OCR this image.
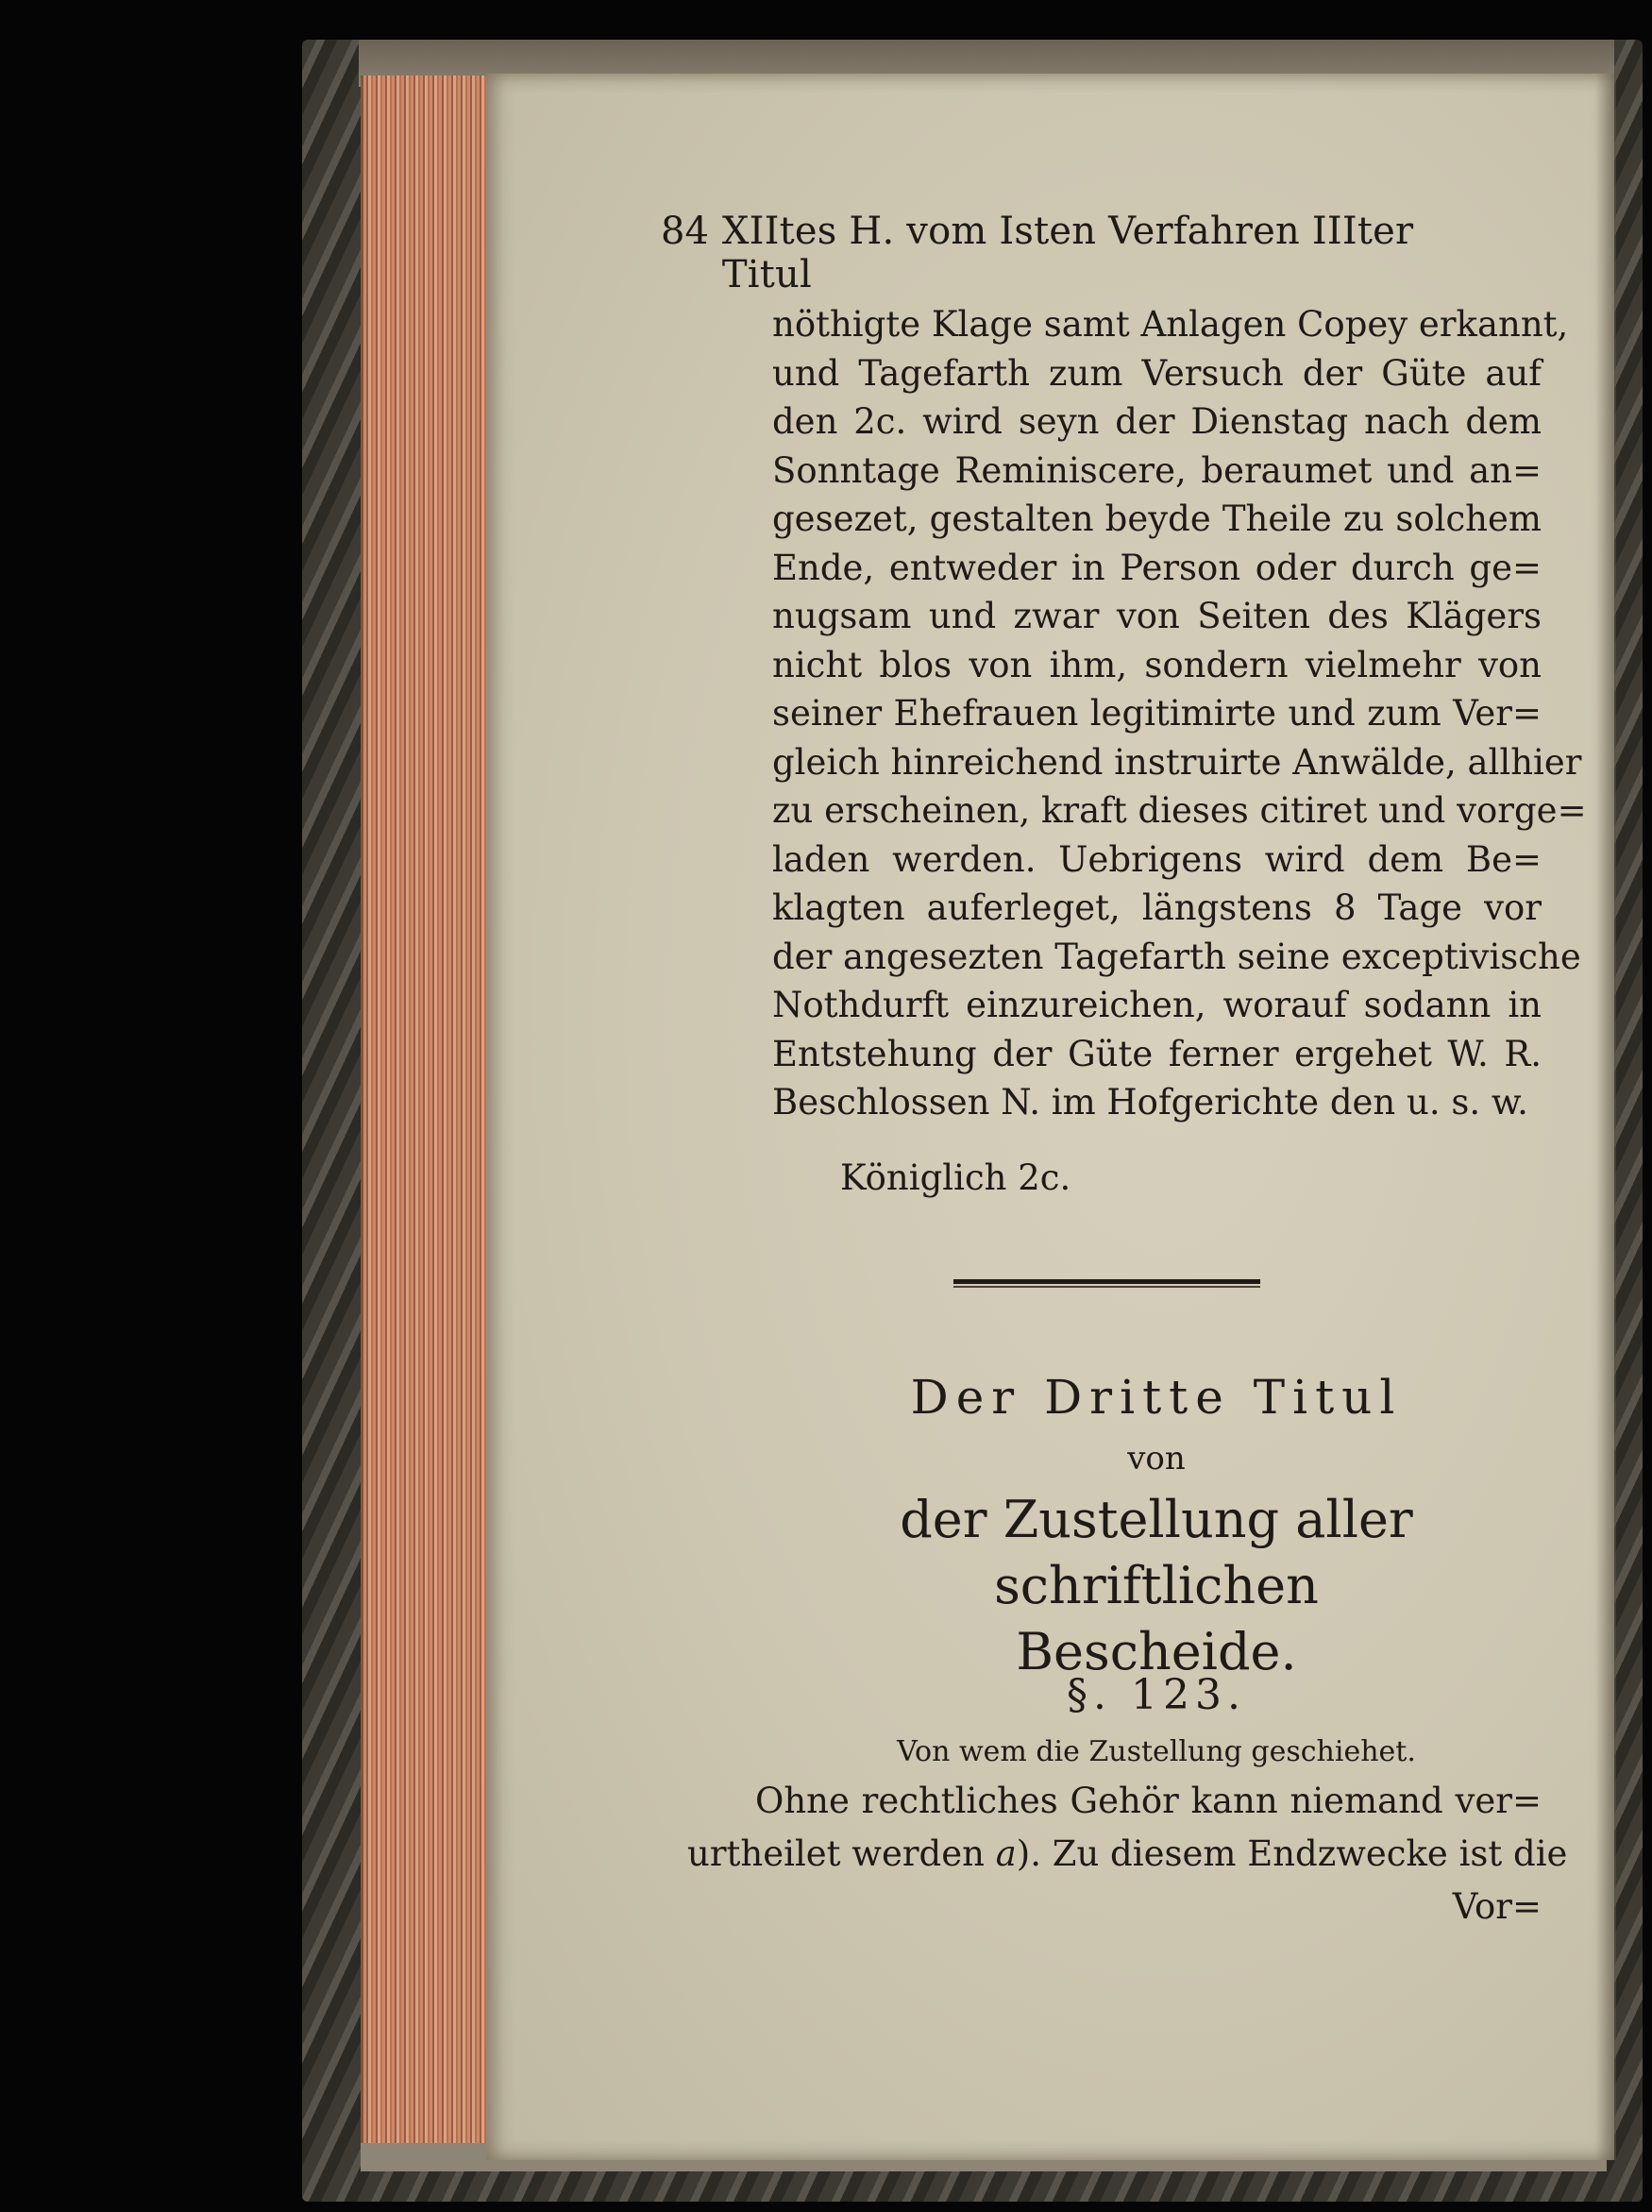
84 XIItes H. vom Isten Verfahren IIIter Titul
nöthigte Klage samt Anlagen Copey erkannt,
und Tagefarth zum Versuch der Güte auf
den 2c. wird seyn der Dienstag nach dem
Sonntage Reminiscere, beraumet und an=
gesezet, gestalten beyde Theile zu solchem
Ende, entweder in Person oder durch ge=
nugsam und zwar von Seiten des Klägers
nicht blos von ihm, sondern vielmehr von
seiner Ehefrauen legitimirte und zum Ver=
gleich hinreichend instruirte Anwälde, allhier
zu erscheinen, kraft dieses citiret und vorge=
laden werden. Uebrigens wird dem Be=
klagten auferleget, längstens 8 Tage vor
der angesezten Tagefarth seine exceptivische
Nothdurft einzureichen, worauf sodann in
Entstehung der Güte ferner ergehet W. R.
Beschlossen N. im Hofgerichte den u. s. w.
Königlich 2c.
Der Dritte Titul
von
der Zustellung aller schriftlichen
Bescheide.
§. 123.
Von wem die Zustellung geschiehet.
Ohne rechtliches Gehör kann niemand ver=
urtheilet werden a). Zu diesem Endzwecke ist die
Vor=
